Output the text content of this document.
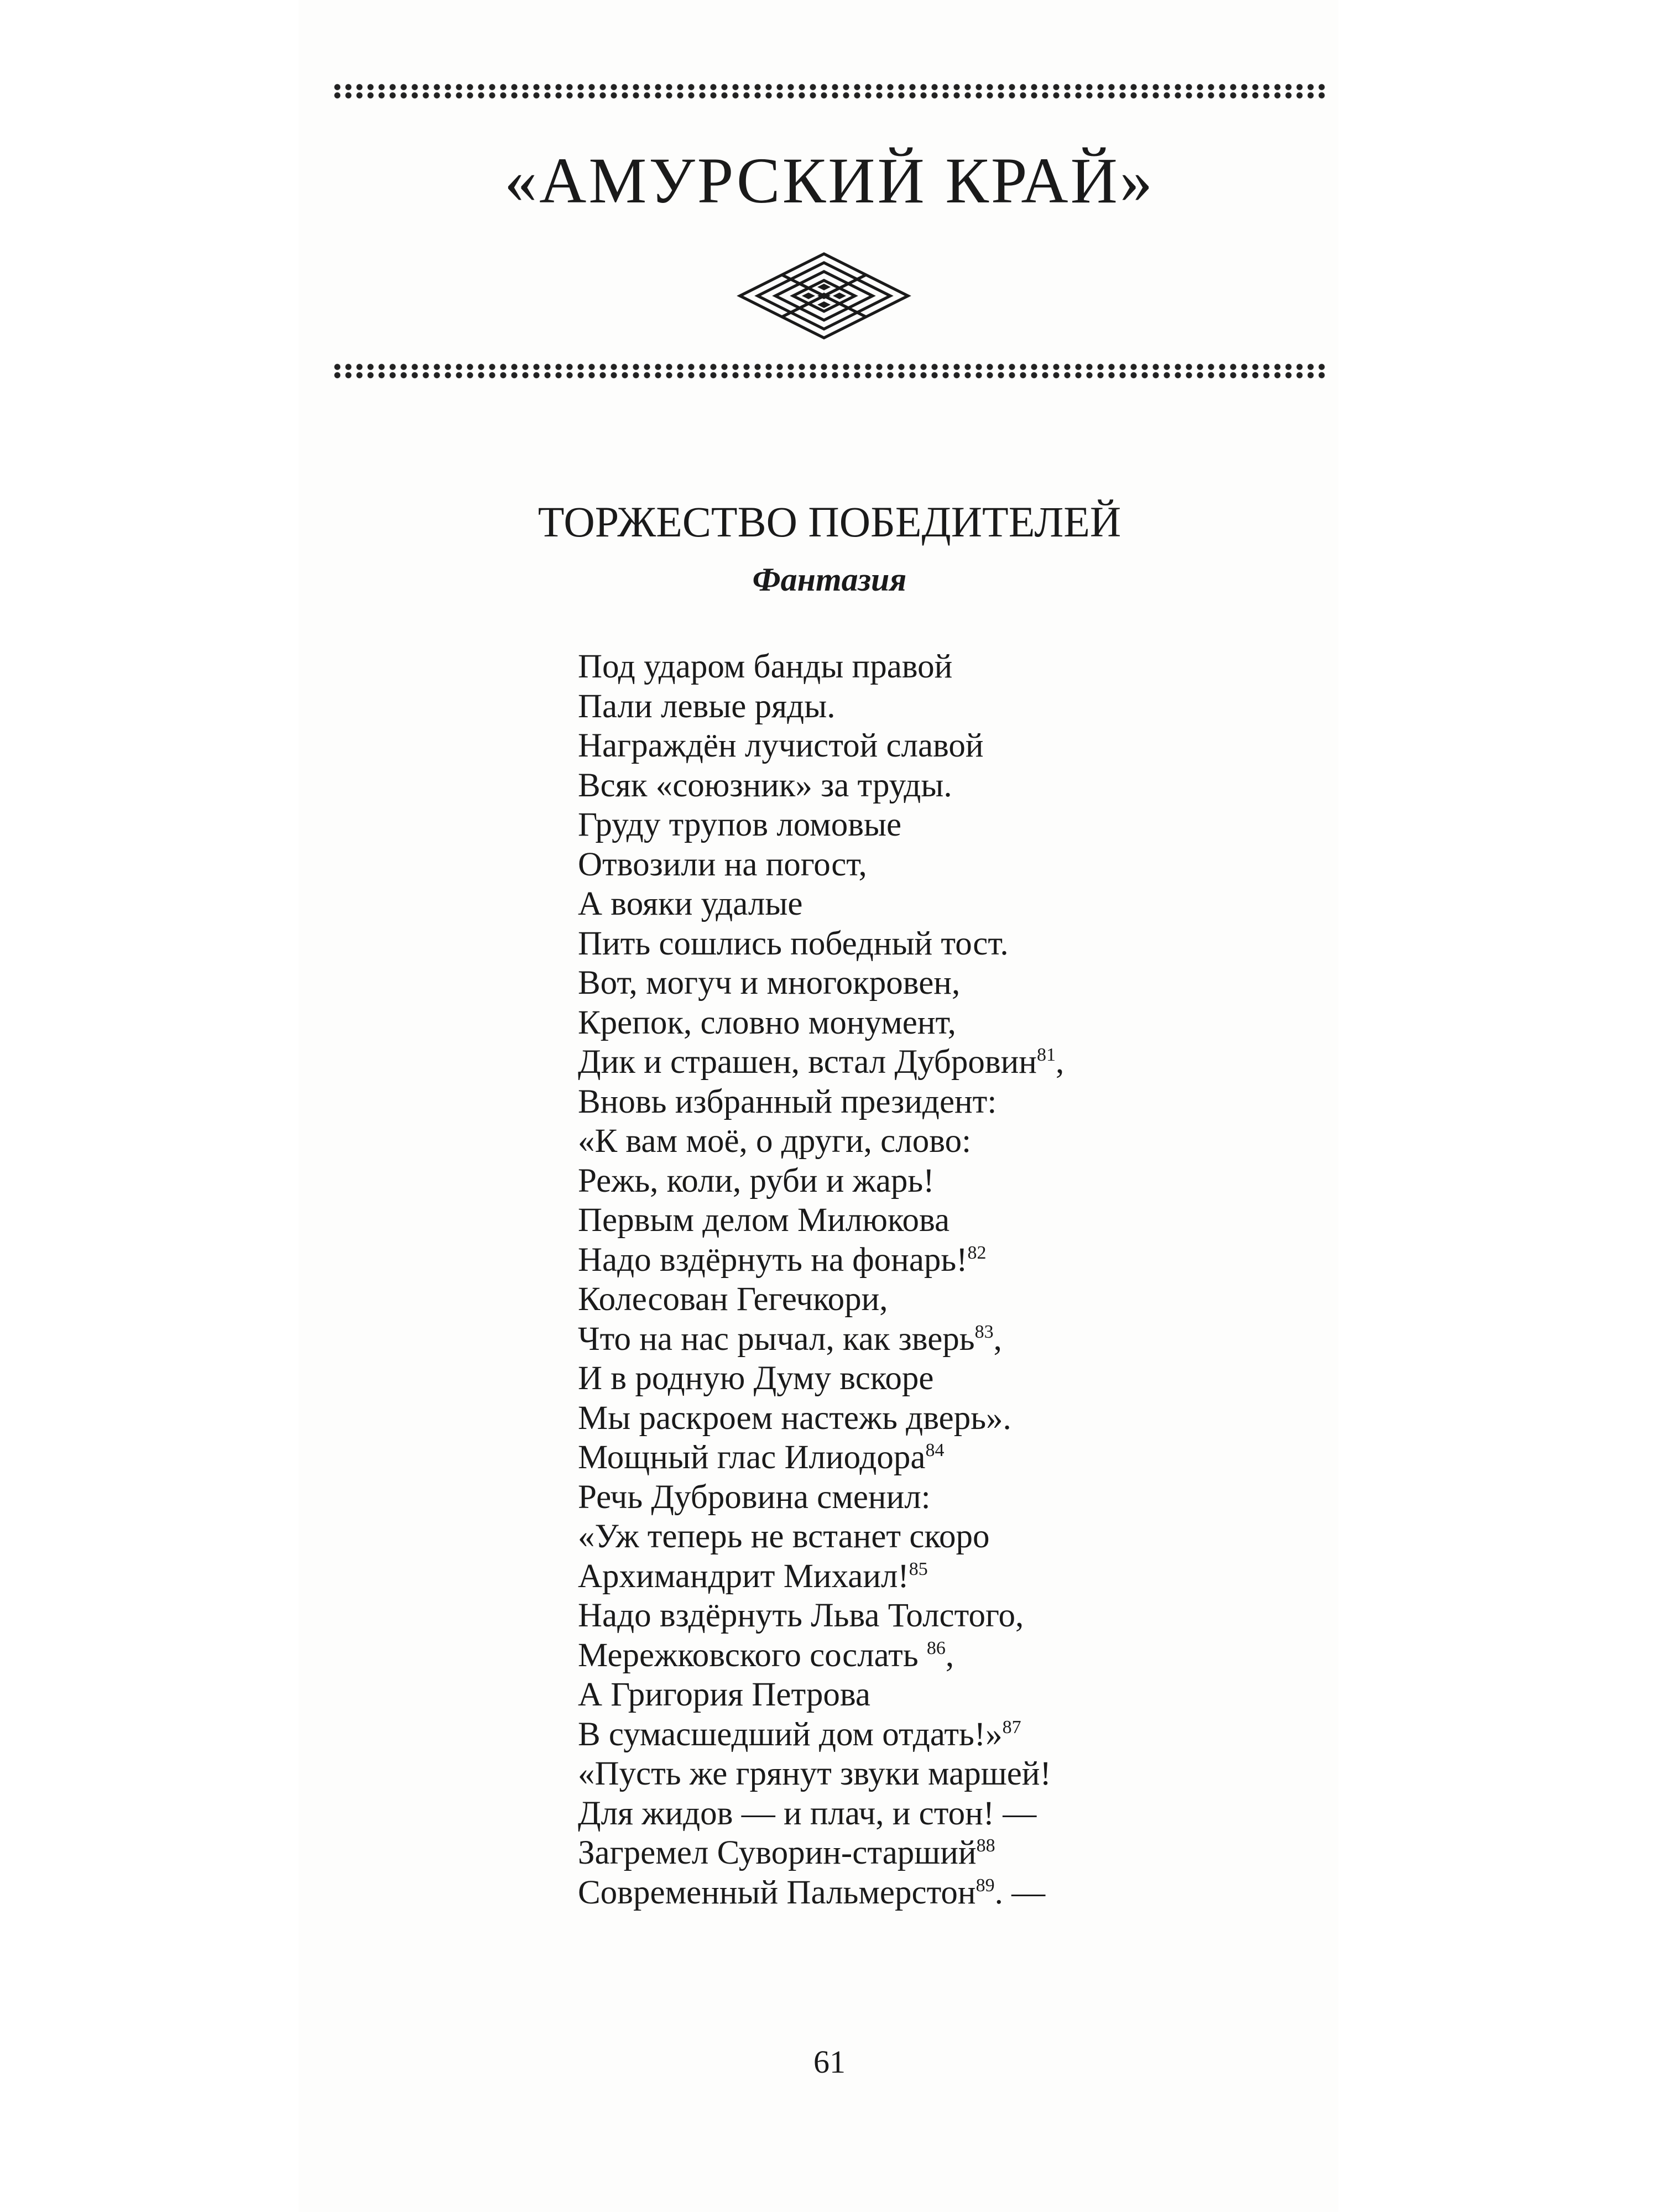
«АМУРСКИЙ КРАЙ»
ТОРЖЕСТВО ПОБЕДИТЕЛЕЙ
Фантазия
Под ударом банды правой
Пали левые ряды.
Награждён лучистой славой
Всяк «союзник» за труды.
Груду трупов ломовые
Отвозили на погост,
А вояки удалые
Пить сошлись победный тост.
Вот, могуч и многокровен,
Крепок, словно монумент,
Дик и страшен, встал Дубровин$^{81}$,
Вновь избранный президент:
«К вам моё, о други, слово:
Режь, коли, руби и жарь!
Первым делом Милюкова
Надо вздёрнуть на фонарь!$^{82}$
Колесован Гегечкори,
Что на нас рычал, как зверь$^{83}$,
И в родную Думу вскоре
Мы раскроем настежь дверь».
Мощный глас Илиодора$^{84}$
Речь Дубровина сменил:
«Уж теперь не встанет скоро
Архимандрит Михаил!$^{85}$
Надо вздёрнуть Льва Толстого,
Мережковского сослать $^{86}$,
А Григория Петрова
В сумасшедший дом отдать!»$^{87}$
«Пусть же грянут звуки маршей!
Для жидов — и плач, и стон! —
Загремел Суворин-старший$^{88}$
Современный Пальмерстон$^{89}$. —
61
